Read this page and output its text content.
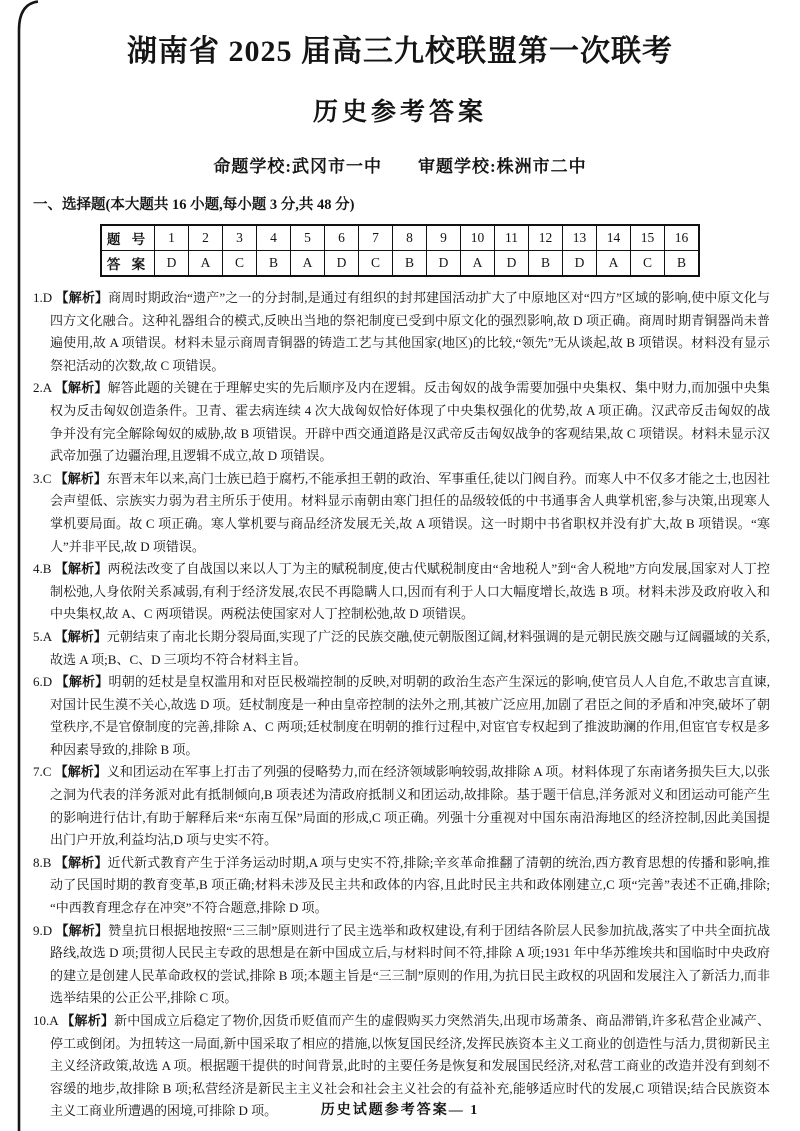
湖南省 2025 届高三九校联盟第一次联考
历史参考答案
命题学校:武冈市一中　　审题学校:株洲市二中
一、选择题(本大题共 16 小题,每小题 3 分,共 48 分)
题 号	1	2	3	4	5	6	7	8	9	10	11	12	13	14	15	16
答 案	D	A	C	B	A	D	C	B	D	A	D	B	D	A	C	B

1.D 【解析】商周时期政治“遗产”之一的分封制,是通过有组织的封邦建国活动扩大了中原地区对“四方”区域的影响,使中原文化与四方文化融合。这种礼器组合的模式,反映出当地的祭祀制度已受到中原文化的强烈影响,故 D 项正确。商周时期青铜器尚未普遍使用,故 A 项错误。材料未显示商周青铜器的铸造工艺与其他国家(地区)的比较,“领先”无从谈起,故 B 项错误。材料没有显示祭祀活动的次数,故 C 项错误。

2.A 【解析】解答此题的关键在于理解史实的先后顺序及内在逻辑。反击匈奴的战争需要加强中央集权、集中财力,而加强中央集权为反击匈奴创造条件。卫青、霍去病连续 4 次大战匈奴恰好体现了中央集权强化的优势,故 A 项正确。汉武帝反击匈奴的战争并没有完全解除匈奴的威胁,故 B 项错误。开辟中西交通道路是汉武帝反击匈奴战争的客观结果,故 C 项错误。材料未显示汉武帝加强了边疆治理,且逻辑不成立,故 D 项错误。

3.C 【解析】东晋末年以来,高门士族已趋于腐朽,不能承担王朝的政治、军事重任,徒以门阀自矜。而寒人中不仅多才能之士,也因社会声望低、宗族实力弱为君主所乐于使用。材料显示南朝由寒门担任的品级较低的中书通事舍人典掌机密,参与决策,出现寒人掌机要局面。故 C 项正确。寒人掌机要与商品经济发展无关,故 A 项错误。这一时期中书省职权并没有扩大,故 B 项错误。“寒人”并非平民,故 D 项错误。

4.B 【解析】两税法改变了自战国以来以人丁为主的赋税制度,使古代赋税制度由“舍地税人”到“舍人税地”方向发展,国家对人丁控制松弛,人身依附关系减弱,有利于经济发展,农民不再隐瞒人口,因而有利于人口大幅度增长,故选 B 项。材料未涉及政府收入和中央集权,故 A、C 两项错误。两税法使国家对人丁控制松弛,故 D 项错误。

5.A 【解析】元朝结束了南北长期分裂局面,实现了广泛的民族交融,使元朝版图辽阔,材料强调的是元朝民族交融与辽阔疆域的关系,故选 A 项;B、C、D 三项均不符合材料主旨。

6.D 【解析】明朝的廷杖是皇权滥用和对臣民极端控制的反映,对明朝的政治生态产生深远的影响,使官员人人自危,不敢忠言直谏,对国计民生漠不关心,故选 D 项。廷杖制度是一种由皇帝控制的法外之刑,其被广泛应用,加剧了君臣之间的矛盾和冲突,破坏了朝堂秩序,不是官僚制度的完善,排除 A、C 两项;廷杖制度在明朝的推行过程中,对宦官专权起到了推波助澜的作用,但宦官专权是多种因素导致的,排除 B 项。

7.C 【解析】义和团运动在军事上打击了列强的侵略势力,而在经济领域影响较弱,故排除 A 项。材料体现了东南诸务损失巨大,以张之洞为代表的洋务派对此有抵制倾向,B 项表述为清政府抵制义和团运动,故排除。基于题干信息,洋务派对义和团运动可能产生的影响进行估计,有助于解释后来“东南互保”局面的形成,C 项正确。列强十分重视对中国东南沿海地区的经济控制,因此美国提出门户开放,利益均沾,D 项与史实不符。

8.B 【解析】近代新式教育产生于洋务运动时期,A 项与史实不符,排除;辛亥革命推翻了清朝的统治,西方教育思想的传播和影响,推动了民国时期的教育变革,B 项正确;材料未涉及民主共和政体的内容,且此时民主共和政体刚建立,C 项“完善”表述不正确,排除;“中西教育理念存在冲突”不符合题意,排除 D 项。

9.D 【解析】赞皇抗日根据地按照“三三制”原则进行了民主选举和政权建设,有利于团结各阶层人民参加抗战,落实了中共全面抗战路线,故选 D 项;贯彻人民民主专政的思想是在新中国成立后,与材料时间不符,排除 A 项;1931 年中华苏维埃共和国临时中央政府的建立是创建人民革命政权的尝试,排除 B 项;本题主旨是“三三制”原则的作用,为抗日民主政权的巩固和发展注入了新活力,而非选举结果的公正公平,排除 C 项。

10.A 【解析】新中国成立后稳定了物价,因货币贬值而产生的虚假购买力突然消失,出现市场萧条、商品滞销,许多私营企业减产、停工或倒闭。为扭转这一局面,新中国采取了相应的措施,以恢复国民经济,发挥民族资本主义工商业的创造性与活力,贯彻新民主主义经济政策,故选 A 项。根据题干提供的时间背景,此时的主要任务是恢复和发展国民经济,对私营工商业的改造并没有到刻不容缓的地步,故排除 B 项;私营经济是新民主主义社会和社会主义社会的有益补充,能够适应时代的发展,C 项错误;结合民族资本主义工商业所遭遇的困境,可排除 D 项。	历史试题参考答案— 1
